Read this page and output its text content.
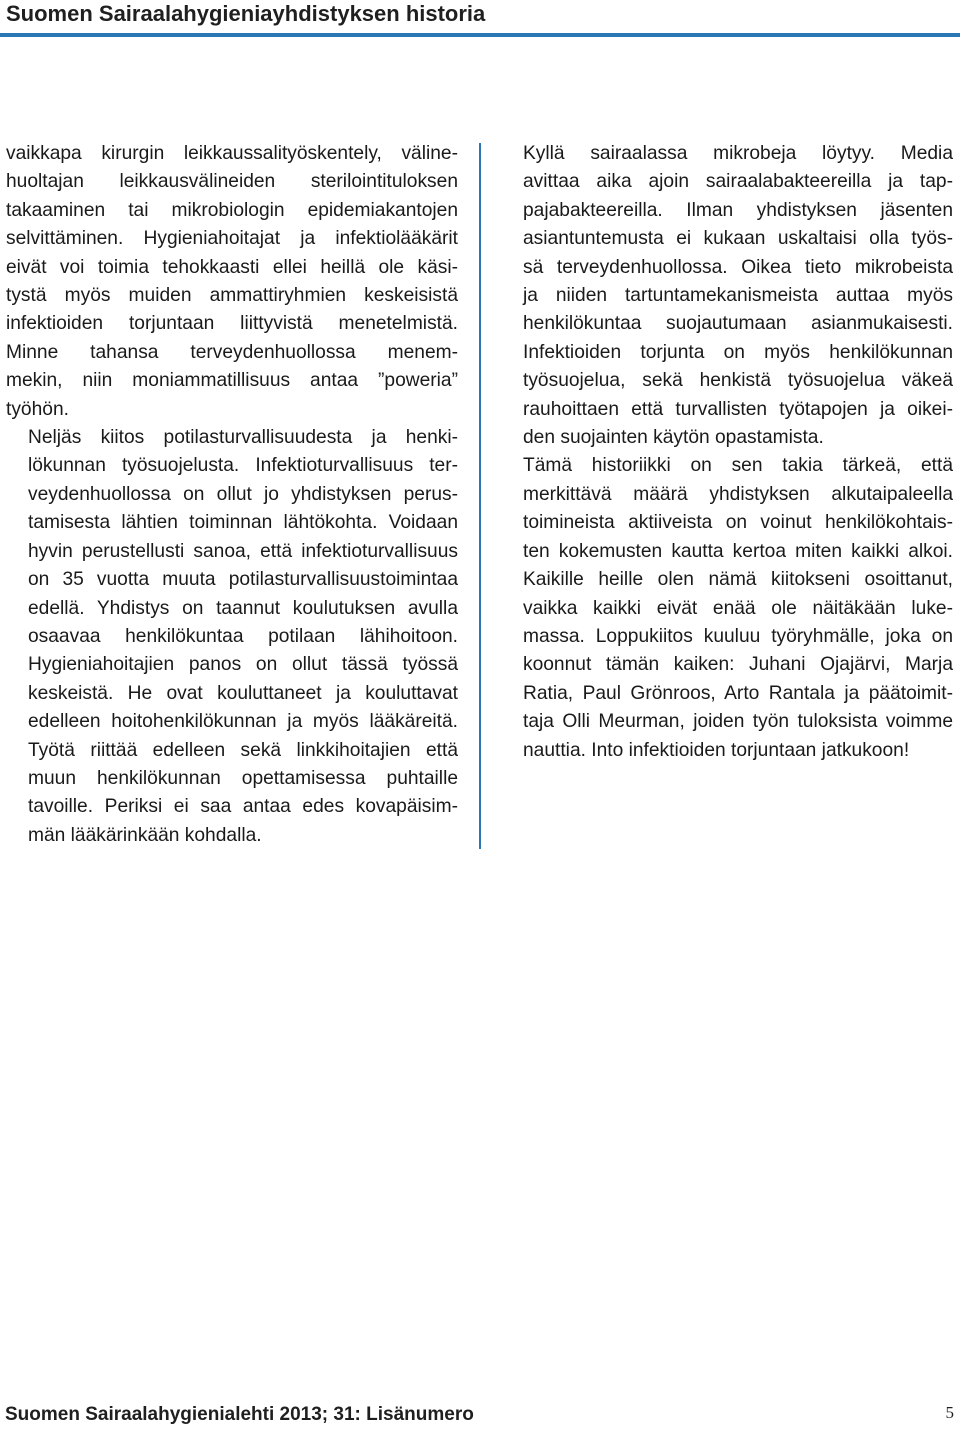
Suomen Sairaalahygieniayhdistyksen historia

vaikkapa kirurgin leikkaussalityöskentely, väline-
huoltajan leikkausvälineiden sterilointituloksen
takaaminen tai mikrobiologin epidemiakantojen
selvittäminen. Hygieniahoitajat ja infektiolääkärit
eivät voi toimia tehokkaasti ellei heillä ole käsi-
tystä myös muiden ammattiryhmien keskeisistä
infektioiden torjuntaan liittyvistä menetelmistä.
Minne tahansa terveydenhuollossa menem-
mekin, niin moniammatillisuus antaa ”poweria”
työhön.

Neljäs kiitos potilasturvallisuudesta ja henki-
lökunnan työsuojelusta. Infektioturvallisuus ter-
veydenhuollossa on ollut jo yhdistyksen perus-
tamisesta lähtien toiminnan lähtökohta. Voidaan
hyvin perustellusti sanoa, että infektioturvallisuus
on 35 vuotta muuta potilasturvallisuustoimintaa
edellä. Yhdistys on taannut koulutuksen avulla
osaavaa henkilökuntaa potilaan lähihoitoon.
Hygieniahoitajien panos on ollut tässä työssä
keskeistä. He ovat kouluttaneet ja kouluttavat
edelleen hoitohenkilökunnan ja myös lääkäreitä.
Työtä riittää edelleen sekä linkkihoitajien että
muun henkilökunnan opettamisessa puhtaille
tavoille. Periksi ei saa antaa edes kovapäisim-
män lääkärinkään kohdalla.

Kyllä sairaalassa mikrobeja löytyy. Media
avittaa aika ajoin sairaalabakteereilla ja tap-
pajabakteereilla. Ilman yhdistyksen jäsenten
asiantuntemusta ei kukaan uskaltaisi olla työs-
sä terveydenhuollossa. Oikea tieto mikrobeista
ja niiden tartuntamekanismeista auttaa myös
henkilökuntaa suojautumaan asianmukaisesti.
Infektioiden torjunta on myös henkilökunnan
työsuojelua, sekä henkistä työsuojelua väkeä
rauhoittaen että turvallisten työtapojen ja oikei-
den suojainten käytön opastamista.

Tämä historiikki on sen takia tärkeä, että
merkittävä määrä yhdistyksen alkutaipaleella
toimineista aktiiveista on voinut henkilökohtais-
ten kokemusten kautta kertoa miten kaikki alkoi.
Kaikille heille olen nämä kiitokseni osoittanut,
vaikka kaikki eivät enää ole näitäkään luke-
massa. Loppukiitos kuuluu työryhmälle, joka on
koonnut tämän kaiken: Juhani Ojajärvi, Marja
Ratia, Paul Grönroos, Arto Rantala ja päätoimit-
taja Olli Meurman, joiden työn tuloksista voimme
nauttia. Into infektioiden torjuntaan jatkukoon!

Suomen Sairaalahygienialehti 2013; 31: Lisänumero	5
